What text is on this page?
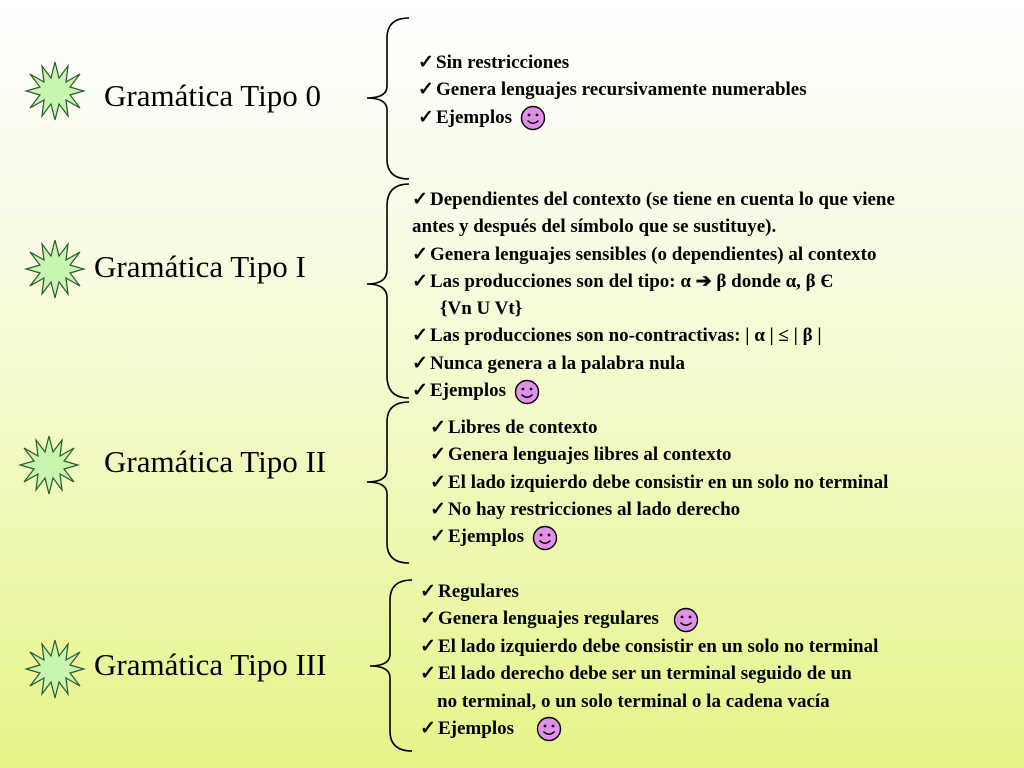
Gramática Tipo 0
✓ Sin restricciones
✓ Genera lenguajes recursivamente numerables
✓ Ejemplos
Gramática Tipo I
✓ Dependientes del contexto (se tiene en cuenta lo que viene
antes y después del símbolo que se sustituye).
✓ Genera lenguajes sensibles (o dependientes) al contexto
✓ Las producciones son del tipo: α ➔ β donde α, β Є
{Vn U Vt}
✓ Las producciones son no-contractivas: | α | ≤ | β |
✓ Nunca genera a la palabra nula
✓ Ejemplos
Gramática Tipo II
✓ Libres de contexto
✓ Genera lenguajes libres al contexto
✓ El lado izquierdo debe consistir en un solo no terminal
✓ No hay restricciones al lado derecho
✓ Ejemplos
Gramática Tipo III
✓ Regulares
✓ Genera lenguajes regulares
✓ El lado izquierdo debe consistir en un solo no terminal
✓ El lado derecho debe ser un terminal seguido de un
no terminal, o un solo terminal o la cadena vacía
✓ Ejemplos
